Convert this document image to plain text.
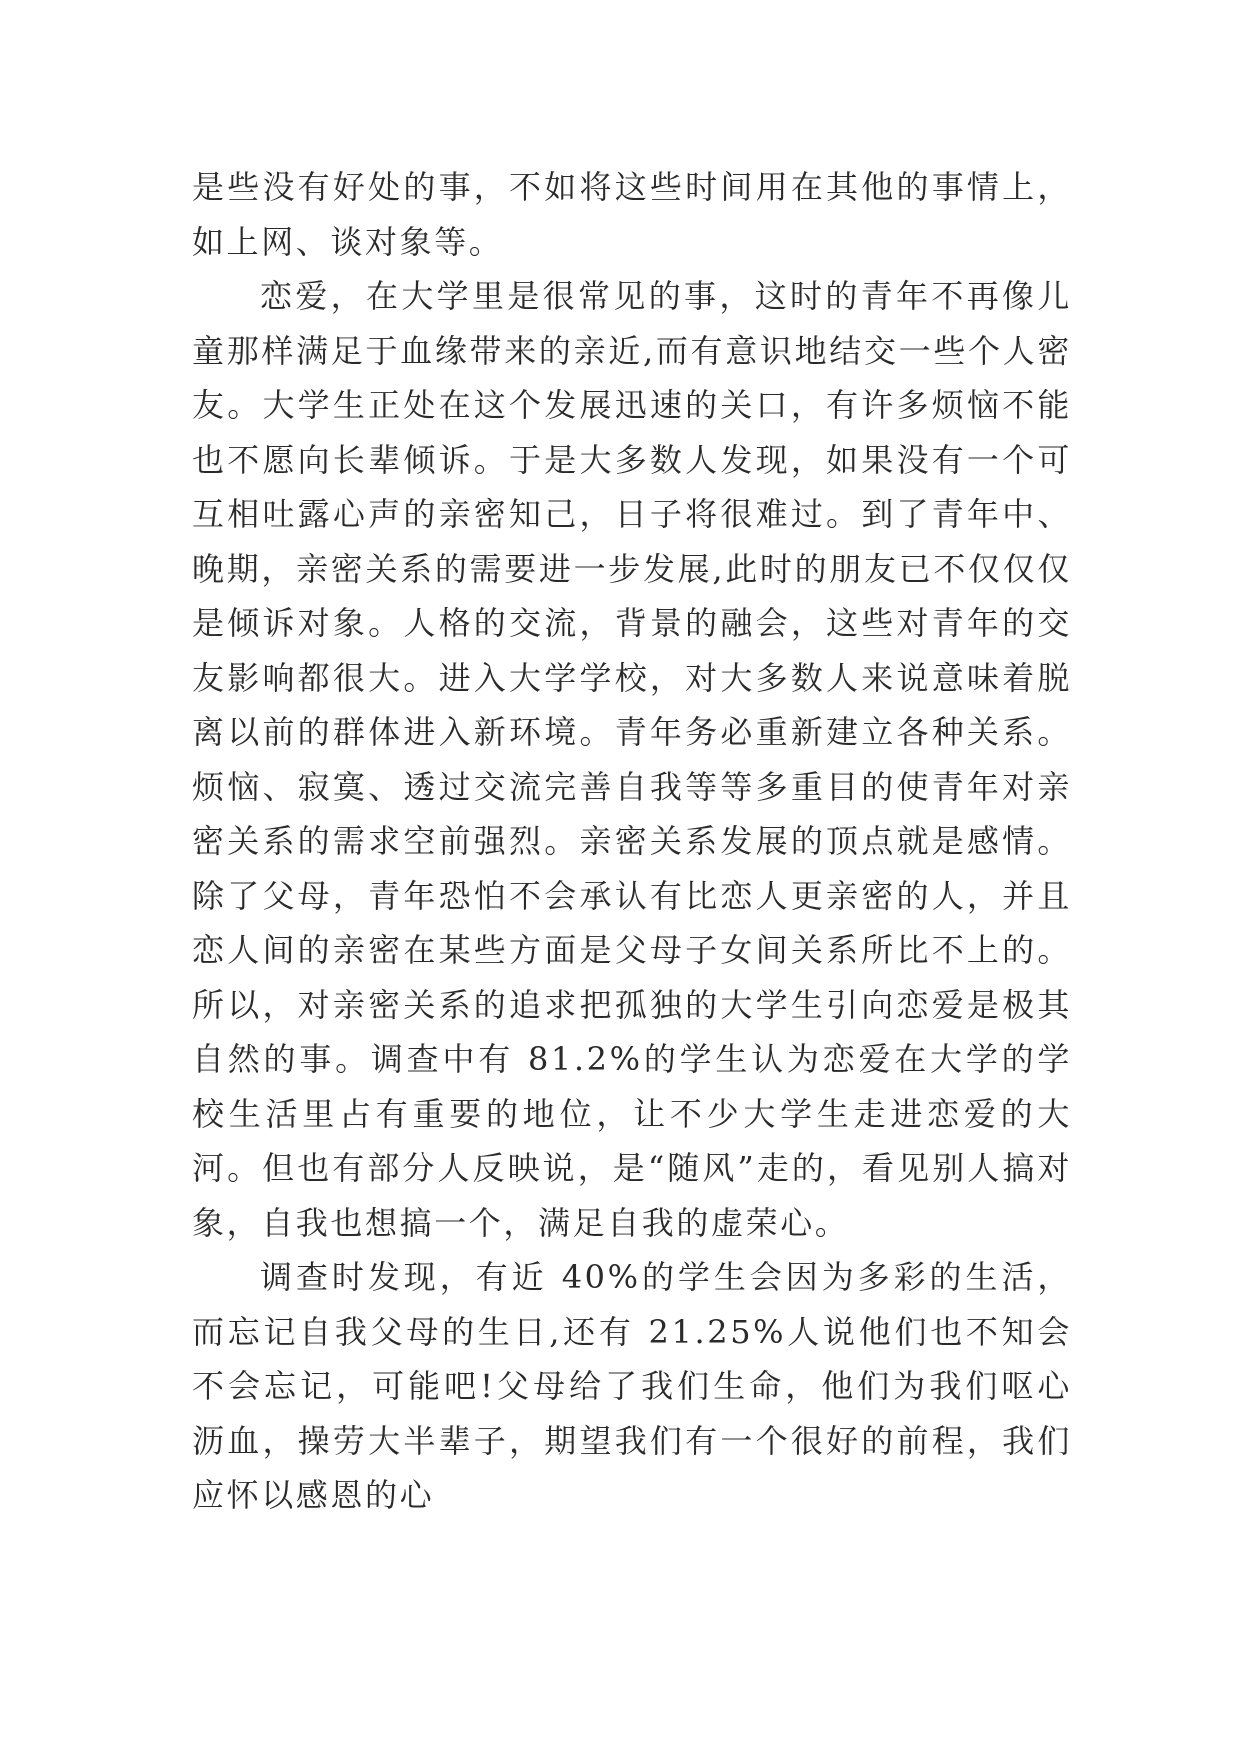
是些没有好处的事，不如将这些时间用在其他的事情上，如上网、谈对象等。

恋爱，在大学里是很常见的事，这时的青年不再像儿童那样满足于血缘带来的亲近,而有意识地结交一些个人密友。大学生正处在这个发展迅速的关口，有许多烦恼不能也不愿向长辈倾诉。于是大多数人发现，如果没有一个可互相吐露心声的亲密知己，日子将很难过。到了青年中、晚期，亲密关系的需要进一步发展,此时的朋友已不仅仅仅是倾诉对象。人格的交流，背景的融会，这些对青年的交友影响都很大。进入大学学校，对大多数人来说意味着脱离以前的群体进入新环境。青年务必重新建立各种关系。烦恼、寂寞、透过交流完善自我等等多重目的使青年对亲密关系的需求空前强烈。亲密关系发展的顶点就是感情。除了父母，青年恐怕不会承认有比恋人更亲密的人，并且恋人间的亲密在某些方面是父母子女间关系所比不上的。所以，对亲密关系的追求把孤独的大学生引向恋爱是极其自然的事。调查中有 81.2%的学生认为恋爱在大学的学校生活里占有重要的地位，让不少大学生走进恋爱的大河。但也有部分人反映说，是“随风”走的，看见别人搞对象，自我也想搞一个，满足自我的虚荣心。

调查时发现，有近 40%的学生会因为多彩的生活，而忘记自我父母的生日,还有 21.25%人说他们也不知会不会忘记，可能吧!父母给了我们生命，他们为我们呕心沥血，操劳大半辈子，期望我们有一个很好的前程，我们应怀以感恩的心
